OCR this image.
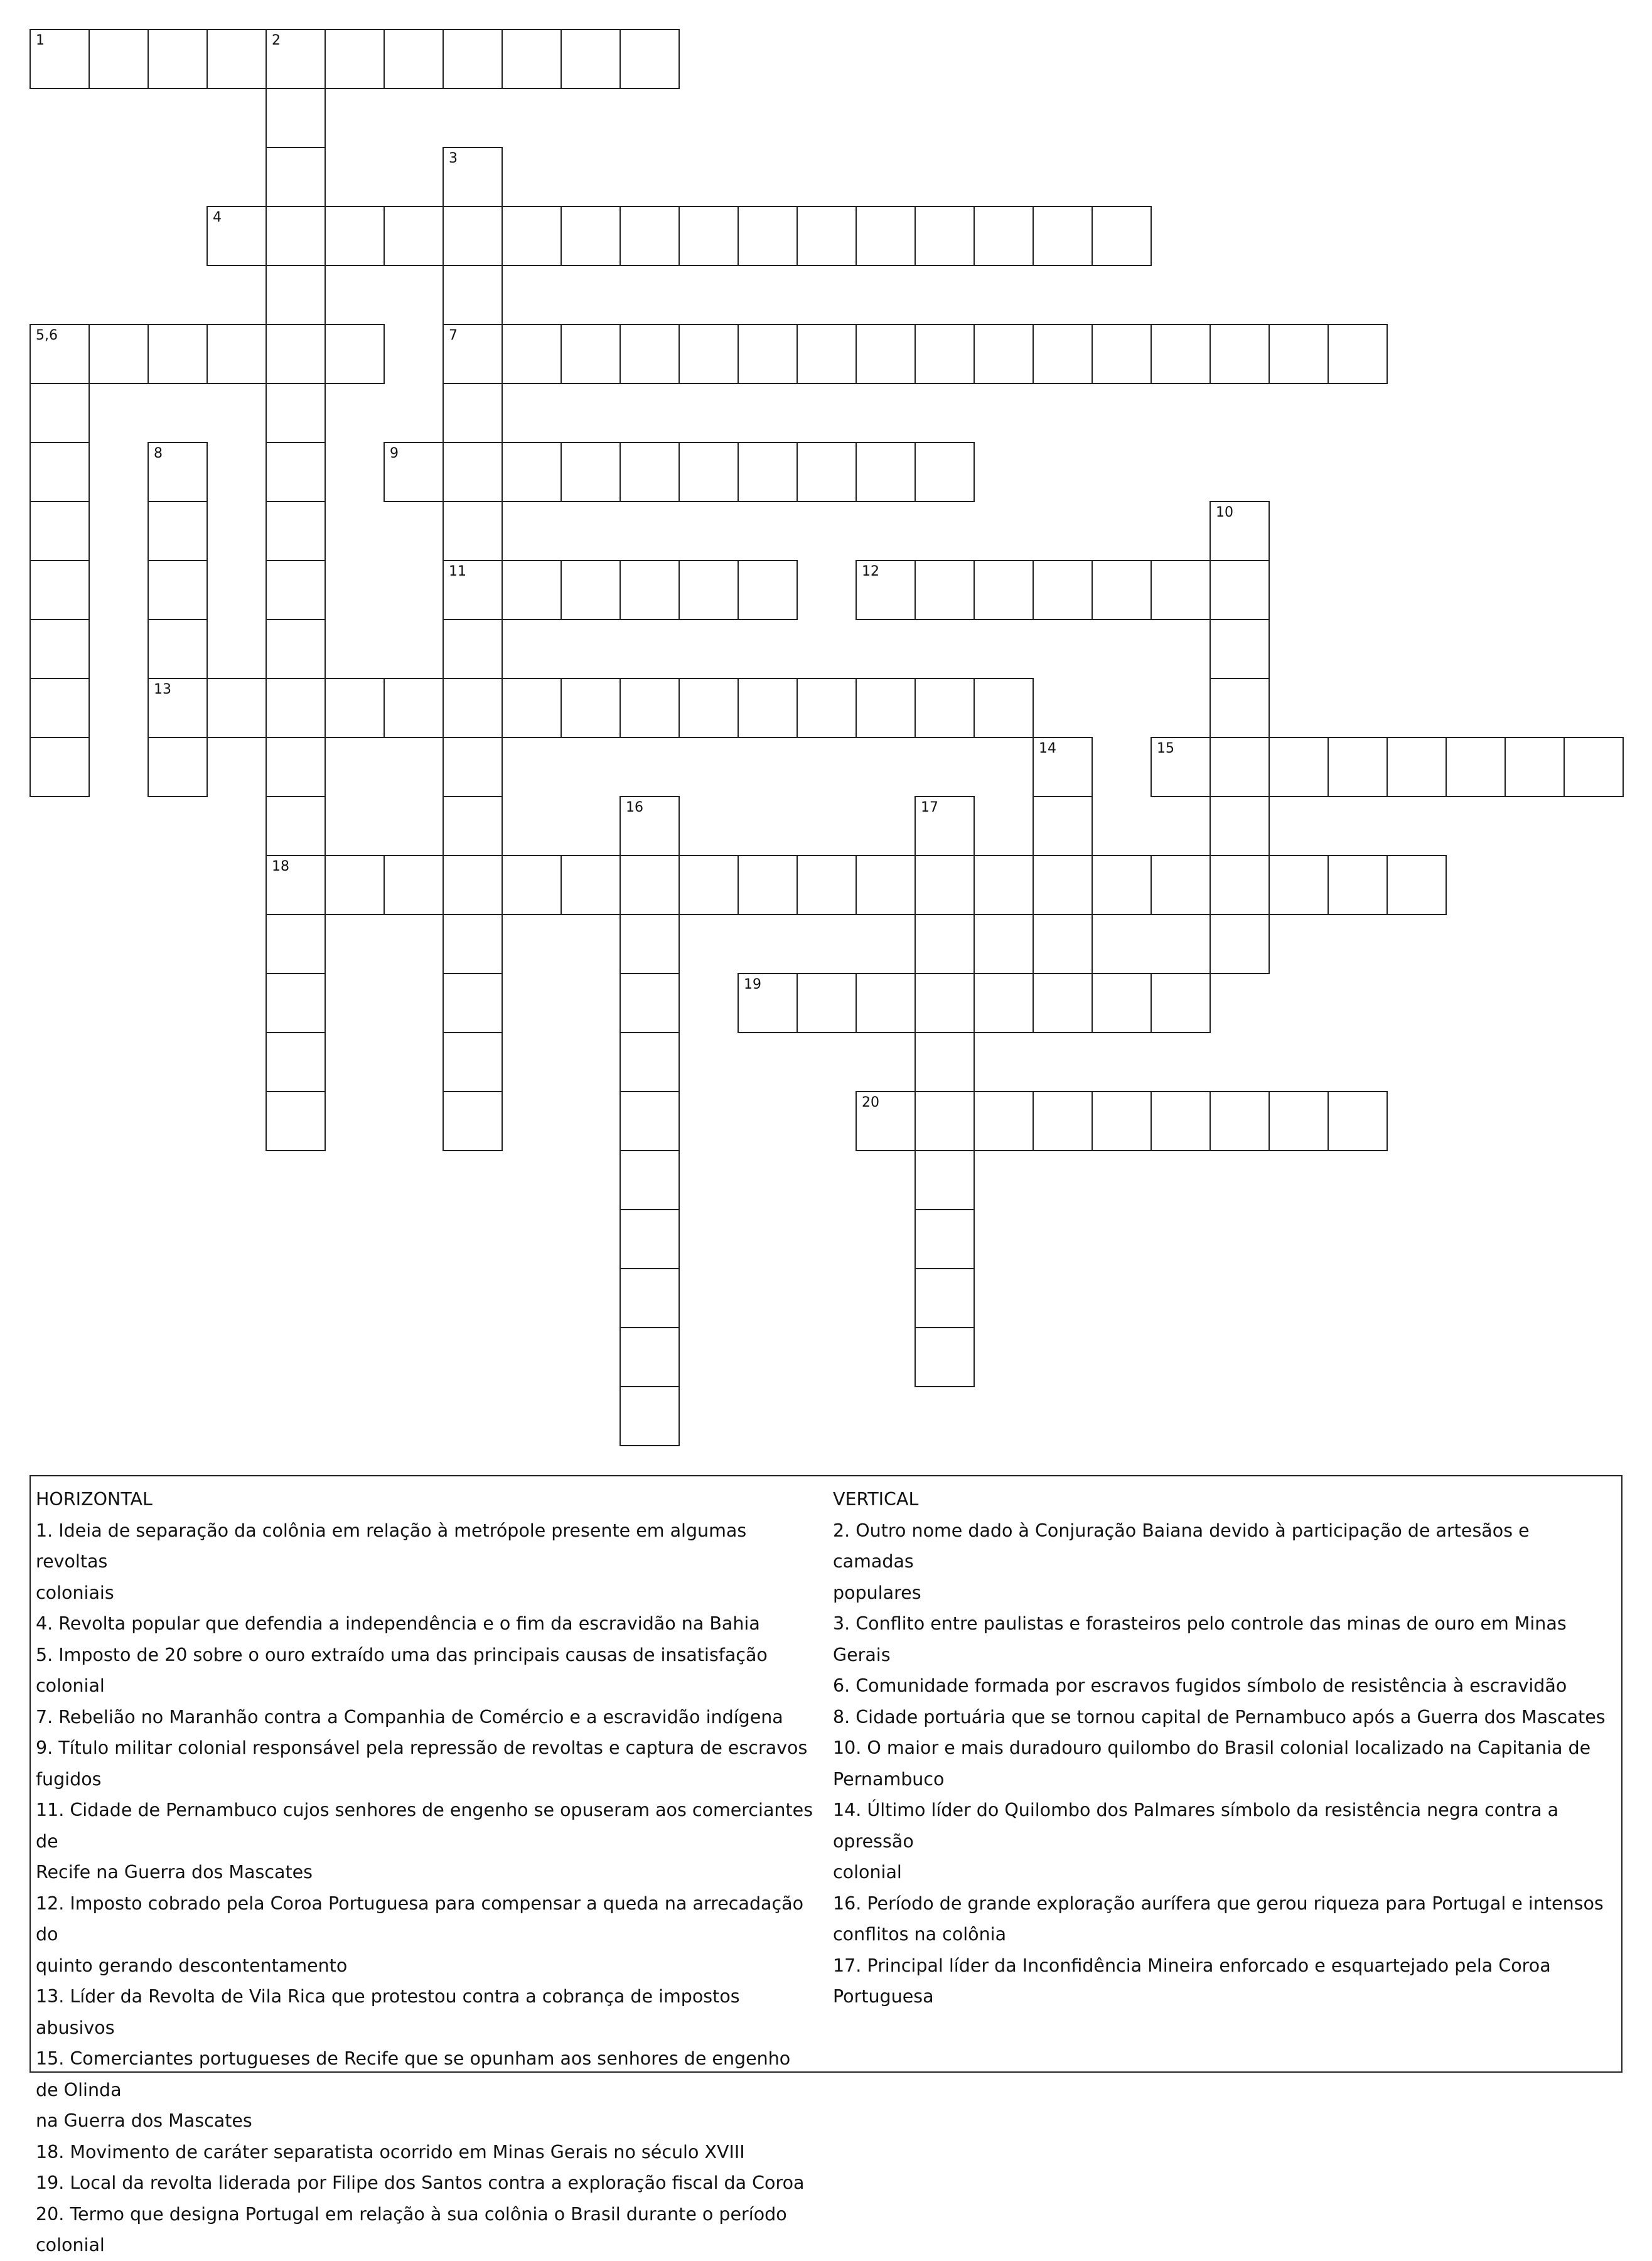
1	2
18
3
7
11
4
5,6
8
13
9
10
12
14	15
16	17
19
20
HORIZONTAL
1. Ideia de separação da colônia em relação à metrópole presente em algumas revoltas
coloniais
4. Revolta popular que defendia a independência e o fim da escravidão na Bahia
5. Imposto de 20 sobre o ouro extraído uma das principais causas de insatisfação colonial
7. Rebelião no Maranhão contra a Companhia de Comércio e a escravidão indígena
9. Título militar colonial responsável pela repressão de revoltas e captura de escravos
fugidos
11. Cidade de Pernambuco cujos senhores de engenho se opuseram aos comerciantes de
Recife na Guerra dos Mascates
12. Imposto cobrado pela Coroa Portuguesa para compensar a queda na arrecadação do
quinto gerando descontentamento
13. Líder da Revolta de Vila Rica que protestou contra a cobrança de impostos abusivos
15. Comerciantes portugueses de Recife que se opunham aos senhores de engenho de Olinda
na Guerra dos Mascates
18. Movimento de caráter separatista ocorrido em Minas Gerais no século XVIII
19. Local da revolta liderada por Filipe dos Santos contra a exploração fiscal da Coroa
20. Termo que designa Portugal em relação à sua colônia o Brasil durante o período colonial
VERTICAL
2. Outro nome dado à Conjuração Baiana devido à participação de artesãos e camadas
populares
3. Conflito entre paulistas e forasteiros pelo controle das minas de ouro em Minas Gerais
6. Comunidade formada por escravos fugidos símbolo de resistência à escravidão
8. Cidade portuária que se tornou capital de Pernambuco após a Guerra dos Mascates
10. O maior e mais duradouro quilombo do Brasil colonial localizado na Capitania de
Pernambuco
14. Último líder do Quilombo dos Palmares símbolo da resistência negra contra a opressão
colonial
16. Período de grande exploração aurífera que gerou riqueza para Portugal e intensos
conflitos na colônia
17. Principal líder da Inconfidência Mineira enforcado e esquartejado pela Coroa Portuguesa
